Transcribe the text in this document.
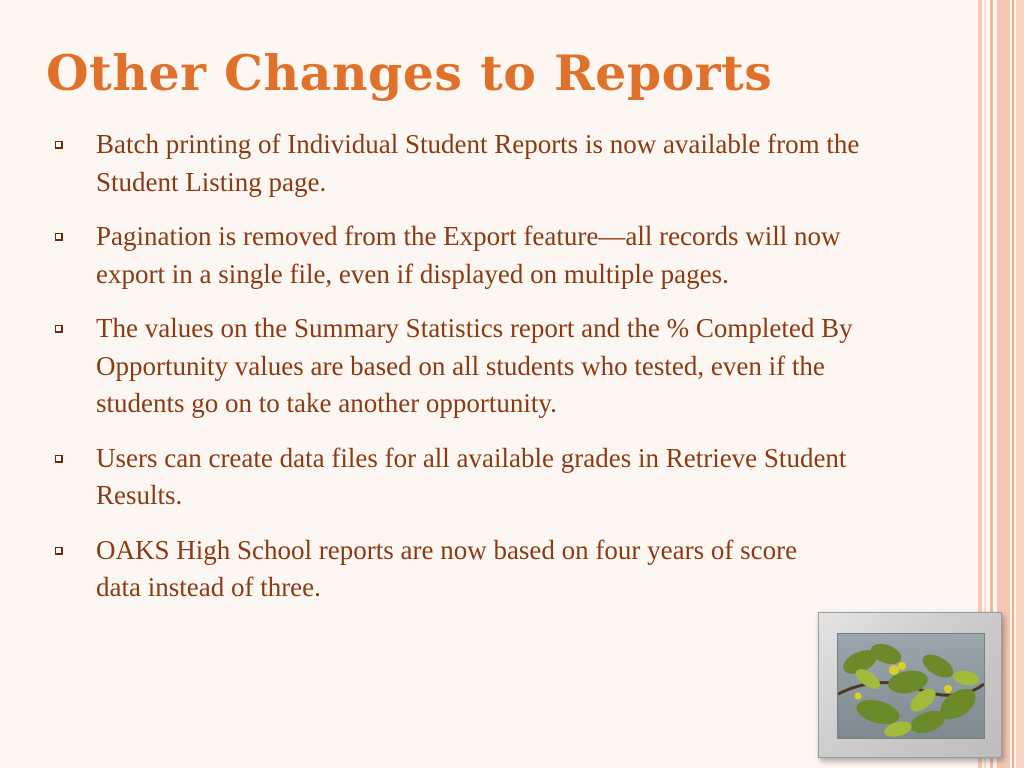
Other Changes to Reports
Batch printing of Individual Student Reports is now available from the Student Listing page.
Pagination is removed from the Export feature—all records will now export in a single file, even if displayed on multiple pages.
The values on the Summary Statistics report and the % Completed By Opportunity values are based on all students who tested, even if the students go on to take another opportunity.
Users can create data files for all available grades in Retrieve Student Results.
OAKS High School reports are now based on four years of score data instead of three.
